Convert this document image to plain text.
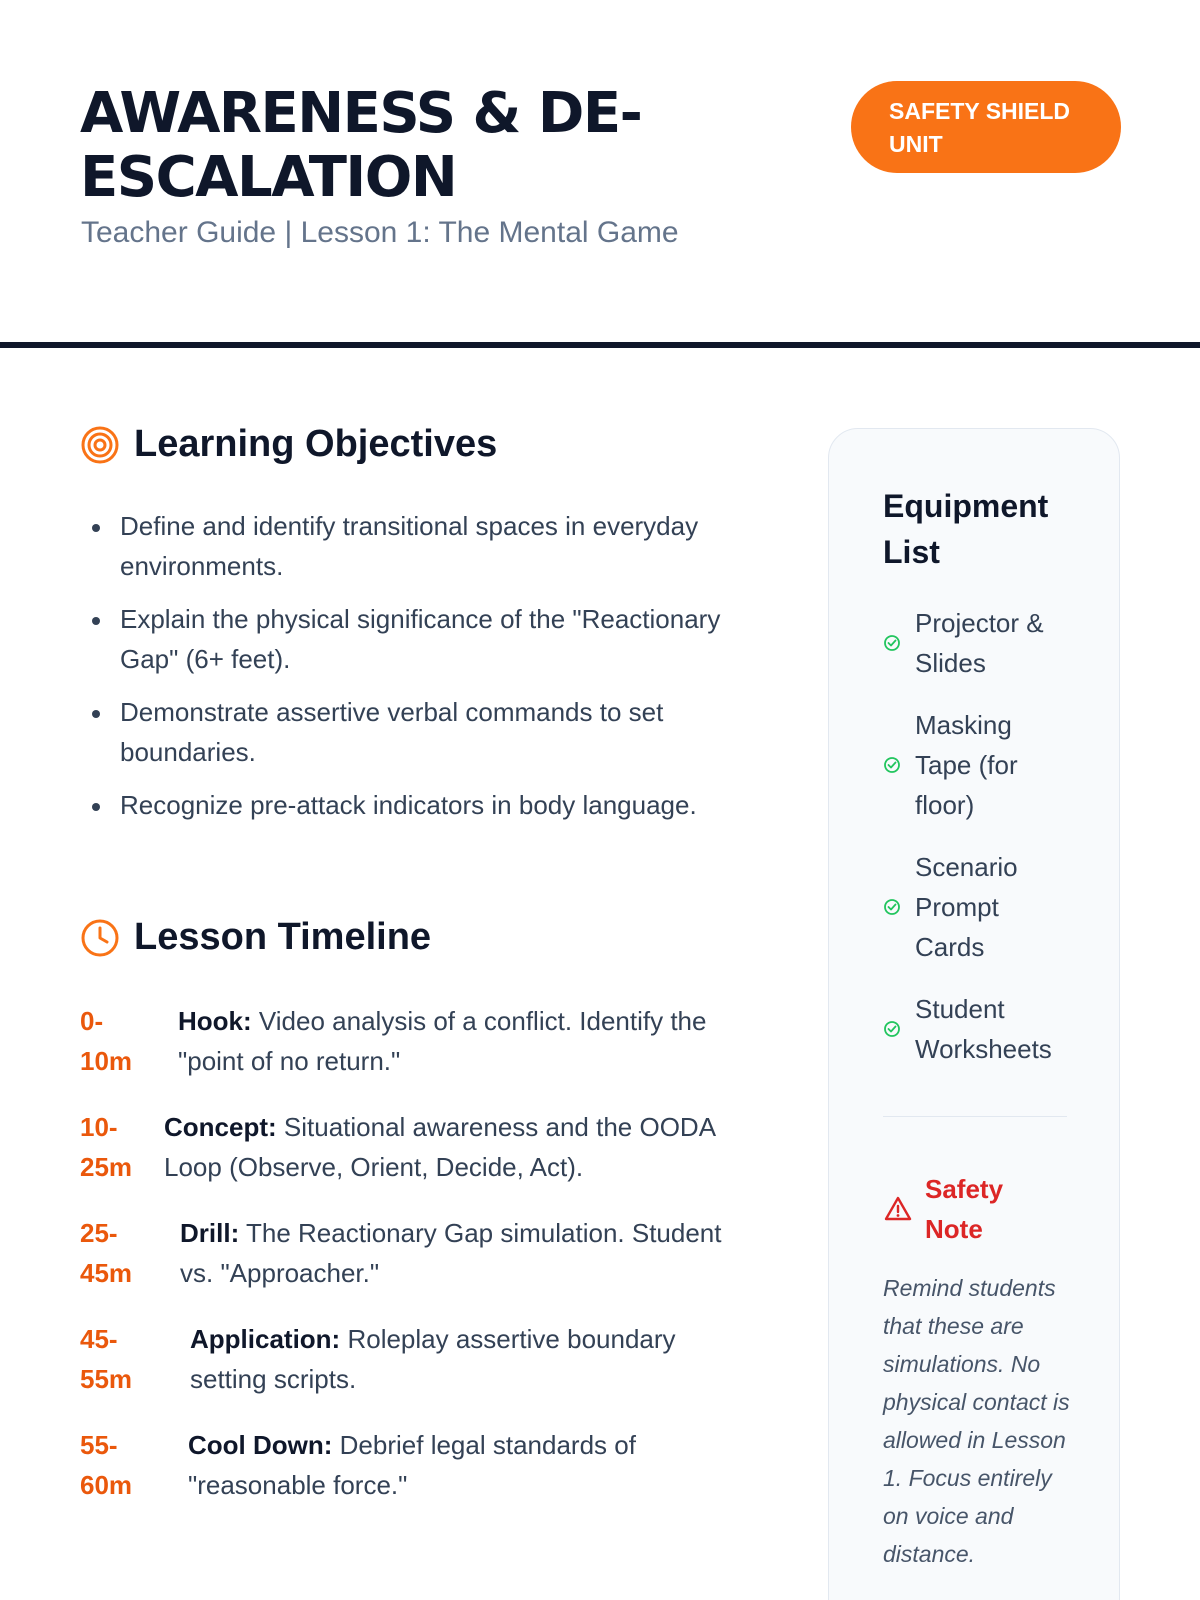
AWARENESS & DE-ESCALATION
Teacher Guide | Lesson 1: The Mental Game
SAFETY SHIELD UNIT
Learning Objectives
Define and identify transitional spaces in everyday environments.
Explain the physical significance of the "Reactionary Gap" (6+ feet).
Demonstrate assertive verbal commands to set boundaries.
Recognize pre-attack indicators in body language.
Lesson Timeline
0-10m
Hook: Video analysis of a conflict. Identify the "point of no return."
10-25m
Concept: Situational awareness and the OODA Loop (Observe, Orient, Decide, Act).
25-45m
Drill: The Reactionary Gap simulation. Student vs. "Approacher."
45-55m
Application: Roleplay assertive boundary setting scripts.
55-60m
Cool Down: Debrief legal standards of "reasonable force."
Equipment List
Projector & Slides
Masking Tape (for floor)
Scenario Prompt Cards
Student Worksheets
Safety Note

Remind students that these are simulations. No physical contact is allowed in Lesson 1. Focus entirely on voice and distance.
